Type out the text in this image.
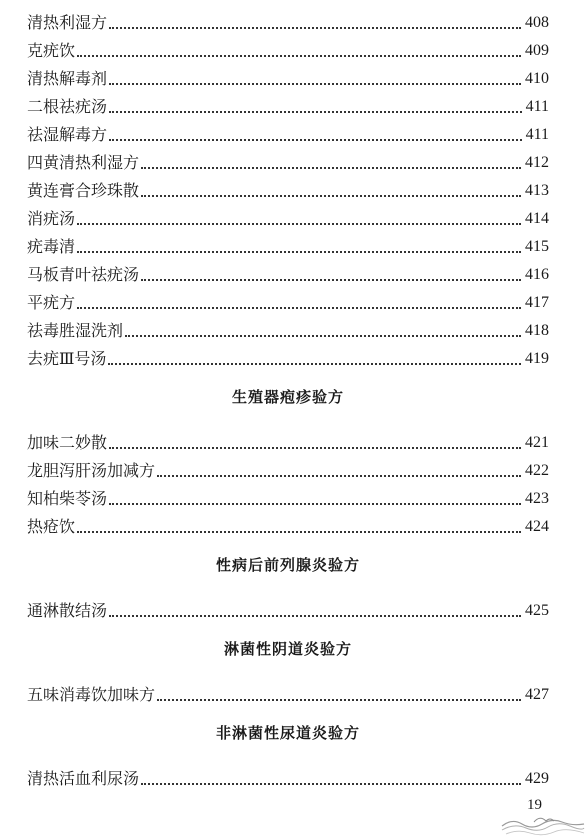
清热利湿方	408
克疣饮	409
清热解毒剂	410
二根祛疣汤	411
祛湿解毒方	411
四黄清热利湿方	412
黄连膏合珍珠散	413
消疣汤	414
疣毒清	415
马板青叶祛疣汤	416
平疣方	417
祛毒胜湿洗剂	418
去疣Ⅲ号汤	419
生殖器疱疹验方
加味二妙散	421
龙胆泻肝汤加减方	422
知柏柴苓汤	423
热疮饮	424
性病后前列腺炎验方
通淋散结汤	425
淋菌性阴道炎验方
五味消毒饮加味方	427
非淋菌性尿道炎验方
清热活血利尿汤	429
19
